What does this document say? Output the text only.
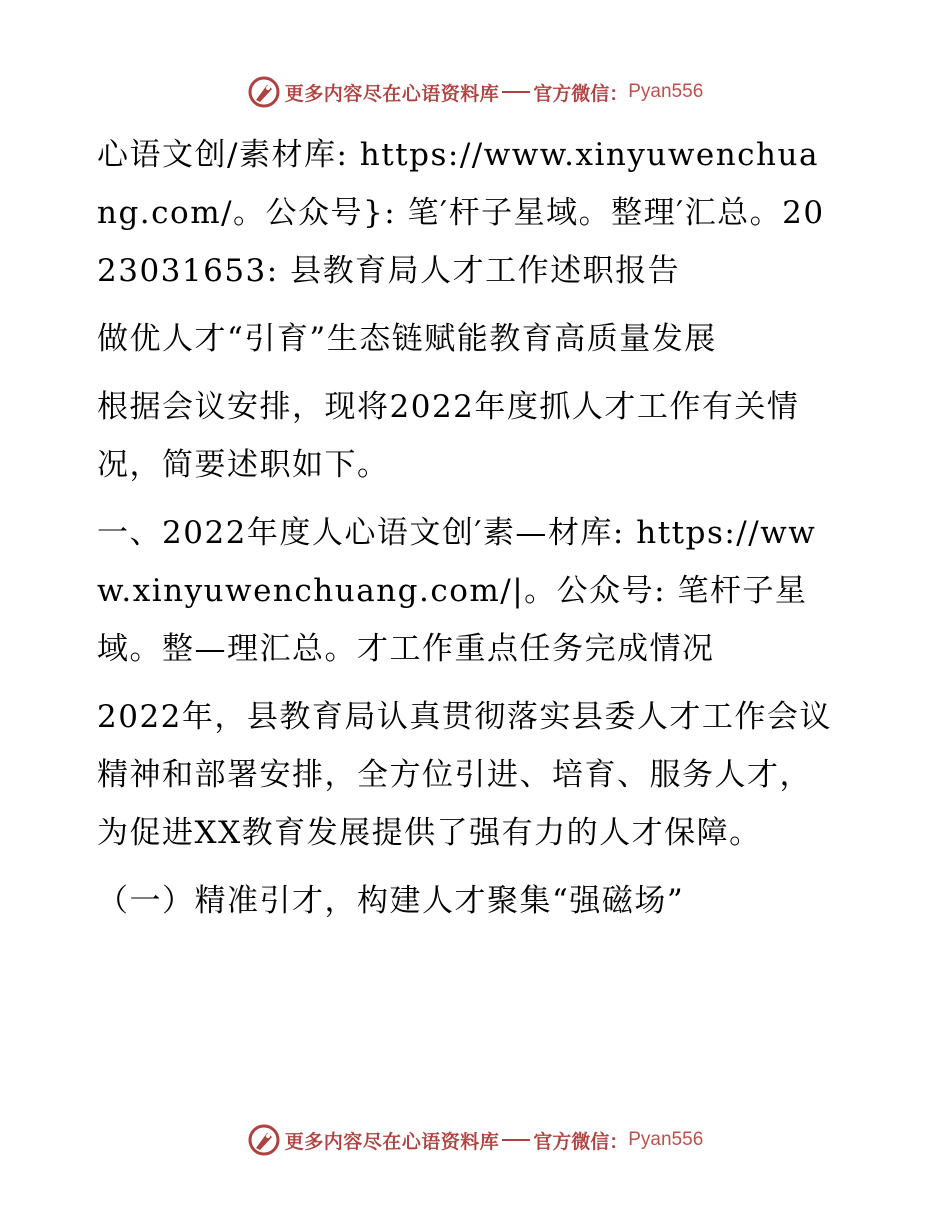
更多内容尽在心语资料库 官方微信： Pyan556

心语文创/素材库: https://www.xinyuwenchuang.com/。公众号}: 笔′杆子星域。整理′汇总。2023031653: 县教育局人才工作述职报告

做优人才“引育”生态链赋能教育高质量发展

根据会议安排，现将2022年度抓人才工作有关情况，简要述职如下。

一、2022年度人心语文创′素—材库: https://www.xinyuwenchuang.com/|。公众号: 笔杆子星域。整—理汇总。才工作重点任务完成情况

2022年，县教育局认真贯彻落实县委人才工作会议精神和部署安排，全方位引进、培育、服务人才，为促进XX教育发展提供了强有力的人才保障。

（一）精准引才，构建人才聚集“强磁场”

更多内容尽在心语资料库 官方微信： Pyan556
